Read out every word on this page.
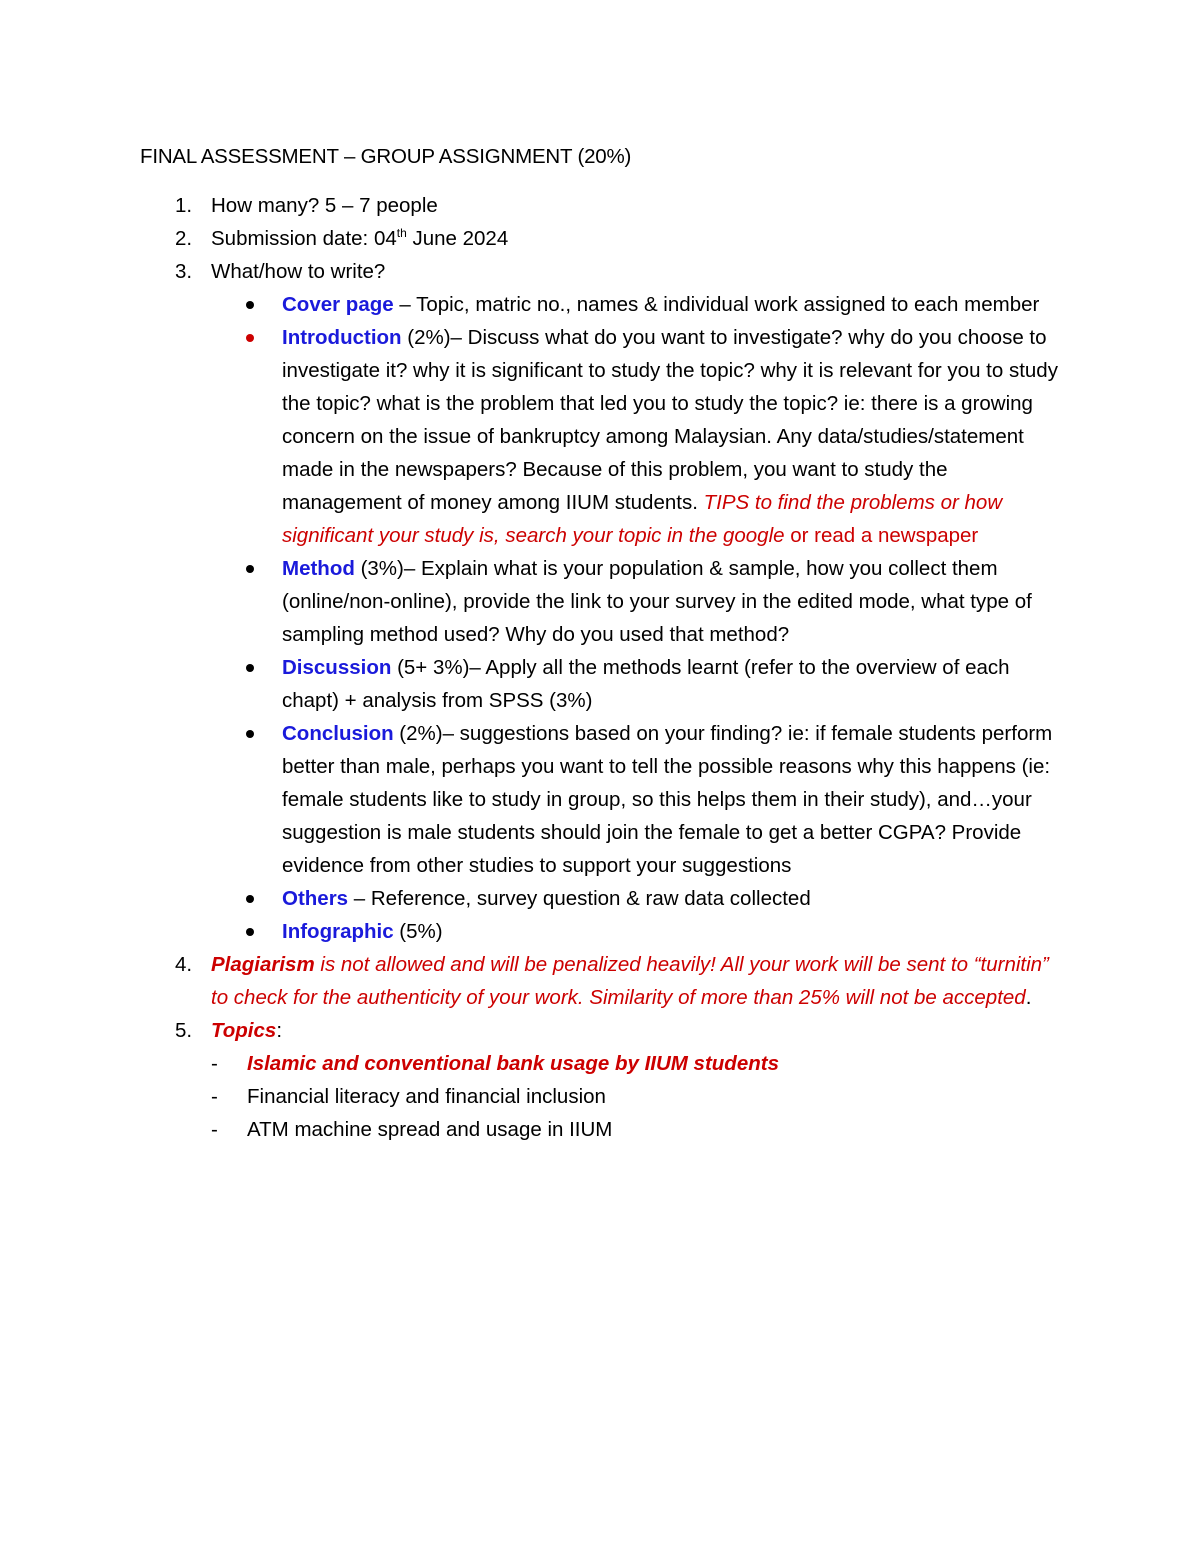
FINAL ASSESSMENT – GROUP ASSIGNMENT (20%)
1. How many? 5 – 7 people
2. Submission date: 04th June 2024
3. What/how to write?
Cover page – Topic, matric no., names & individual work assigned to each member
Introduction (2%)– Discuss what do you want to investigate? why do you choose to investigate it? why it is significant to study the topic? why it is relevant for you to study the topic? what is the problem that led you to study the topic? ie: there is a growing concern on the issue of bankruptcy among Malaysian. Any data/studies/statement made in the newspapers? Because of this problem, you want to study the management of money among IIUM students. TIPS to find the problems or how significant your study is, search your topic in the google or read a newspaper
Method (3%)– Explain what is your population & sample, how you collect them (online/non-online), provide the link to your survey in the edited mode, what type of sampling method used? Why do you used that method?
Discussion (5+ 3%)– Apply all the methods learnt (refer to the overview of each chapt) + analysis from SPSS (3%)
Conclusion (2%)– suggestions based on your finding? ie: if female students perform better than male, perhaps you want to tell the possible reasons why this happens (ie: female students like to study in group, so this helps them in their study), and…your suggestion is male students should join the female to get a better CGPA? Provide evidence from other studies to support your suggestions
Others – Reference, survey question & raw data collected
Infographic (5%)
4. Plagiarism is not allowed and will be penalized heavily! All your work will be sent to “turnitin” to check for the authenticity of your work. Similarity of more than 25% will not be accepted.
5. Topics:
- Islamic and conventional bank usage by IIUM students
- Financial literacy and financial inclusion
- ATM machine spread and usage in IIUM
